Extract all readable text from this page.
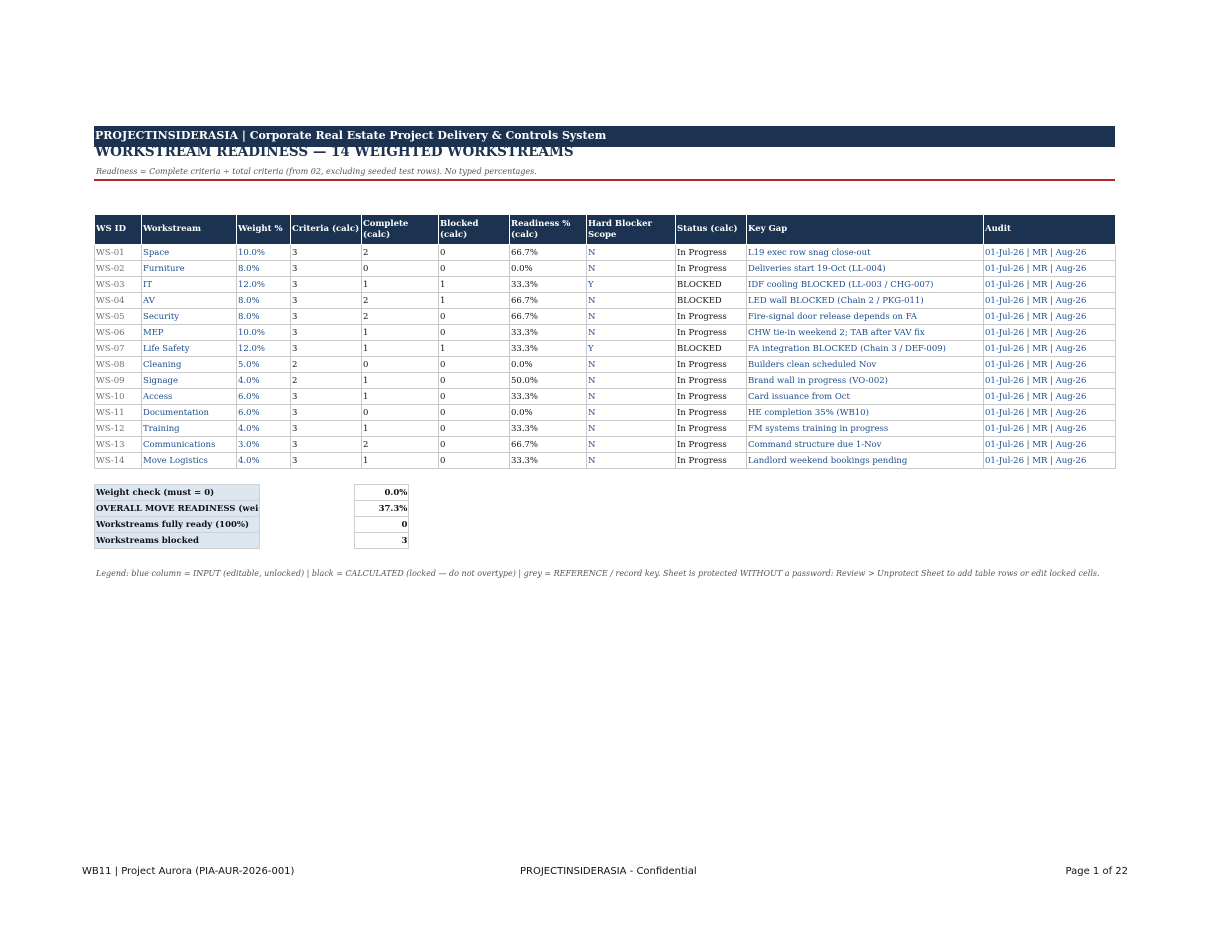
PROJECTINSIDERASIA | Corporate Real Estate Project Delivery & Controls System
WORKSTREAM READINESS — 14 WEIGHTED WORKSTREAMS
Readiness = Complete criteria ÷ total criteria (from 02, excluding seeded test rows). No typed percentages.
WS ID	Workstream	Weight %	Criteria (calc)	Complete (calc)	Blocked (calc)	Readiness % (calc)	Hard Blocker Scope	Status (calc)	Key Gap	Audit
WS-01	Space	10.0%	3	2	0	66.7%	N	In Progress	L19 exec row snag close-out	01-Jul-26 | MR | Aug-26
WS-02	Furniture	8.0%	3	0	0	0.0%	N	In Progress	Deliveries start 19-Oct (LL-004)	01-Jul-26 | MR | Aug-26
WS-03	IT	12.0%	3	1	1	33.3%	Y	BLOCKED	IDF cooling BLOCKED (LL-003 / CHG-007)	01-Jul-26 | MR | Aug-26
WS-04	AV	8.0%	3	2	1	66.7%	N	BLOCKED	LED wall BLOCKED (Chain 2 / PKG-011)	01-Jul-26 | MR | Aug-26
WS-05	Security	8.0%	3	2	0	66.7%	N	In Progress	Fire-signal door release depends on FA	01-Jul-26 | MR | Aug-26
WS-06	MEP	10.0%	3	1	0	33.3%	N	In Progress	CHW tie-in weekend 2; TAB after VAV fix	01-Jul-26 | MR | Aug-26
WS-07	Life Safety	12.0%	3	1	1	33.3%	Y	BLOCKED	FA integration BLOCKED (Chain 3 / DEF-009)	01-Jul-26 | MR | Aug-26
WS-08	Cleaning	5.0%	2	0	0	0.0%	N	In Progress	Builders clean scheduled Nov	01-Jul-26 | MR | Aug-26
WS-09	Signage	4.0%	2	1	0	50.0%	N	In Progress	Brand wall in progress (VO-002)	01-Jul-26 | MR | Aug-26
WS-10	Access	6.0%	3	1	0	33.3%	N	In Progress	Card issuance from Oct	01-Jul-26 | MR | Aug-26
WS-11	Documentation	6.0%	3	0	0	0.0%	N	In Progress	HE completion 35% (WB10)	01-Jul-26 | MR | Aug-26
WS-12	Training	4.0%	3	1	0	33.3%	N	In Progress	FM systems training in progress	01-Jul-26 | MR | Aug-26
WS-13	Communications	3.0%	3	2	0	66.7%	N	In Progress	Command structure due 1-Nov	01-Jul-26 | MR | Aug-26
WS-14	Move Logistics	4.0%	3	1	0	33.3%	N	In Progress	Landlord weekend bookings pending	01-Jul-26 | MR | Aug-26
Weight check (must = 0)		0.0%
OVERALL MOVE READINESS (wei		37.3%
Workstreams fully ready (100%)		0
Workstreams blocked		3
Legend: blue column = INPUT (editable, unlocked) | black = CALCULATED (locked — do not overtype) | grey = REFERENCE / record key. Sheet is protected WITHOUT a password: Review > Unprotect Sheet to add table rows or edit locked cells.
WB11 | Project Aurora (PIA-AUR-2026-001)	PROJECTINSIDERASIA - Confidential	Page 1 of 22
